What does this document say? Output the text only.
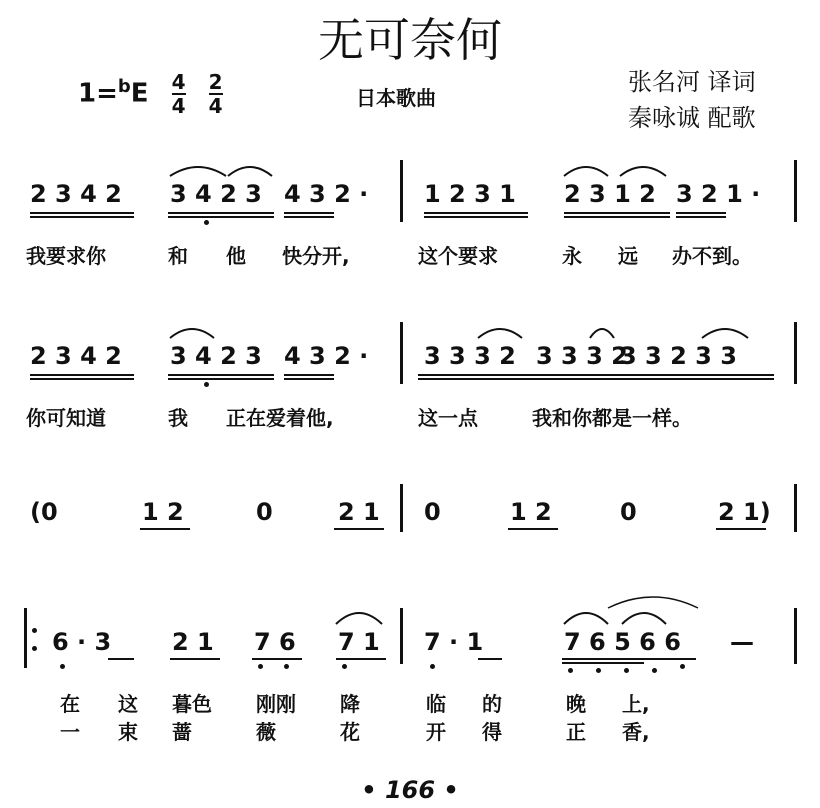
无可奈何
$1=^bE \frac{4}{4}$
$\frac{2}{4}$	日本歌曲
张名河 译词
秦咏诚 配歌
2 3 4 2 3 4 2 3 4 3 2 · 1 2 3 1 2 3 1 2 3 2 1 ·
我要求你	和 他 快分开,	这个要求	永 远 办不到。
2 3 4 2 3 4 2 3 4 3 2 · 3 3 3 2 3 3 3 2
3 3 2 3 3
你可知道	我 正在爱着他,	这一点	我和你都是一样。
(0	1 2	0	2 1 0	1 2	0	2 1)
6 · 3	2 1 7 6 7 1 7 · 1	7 6 5 6 6 —
在 这 暮色 刚刚 降	临 的	晚 上,
一 束 蔷	薇	花	开 得	正 香,
• 166 •
